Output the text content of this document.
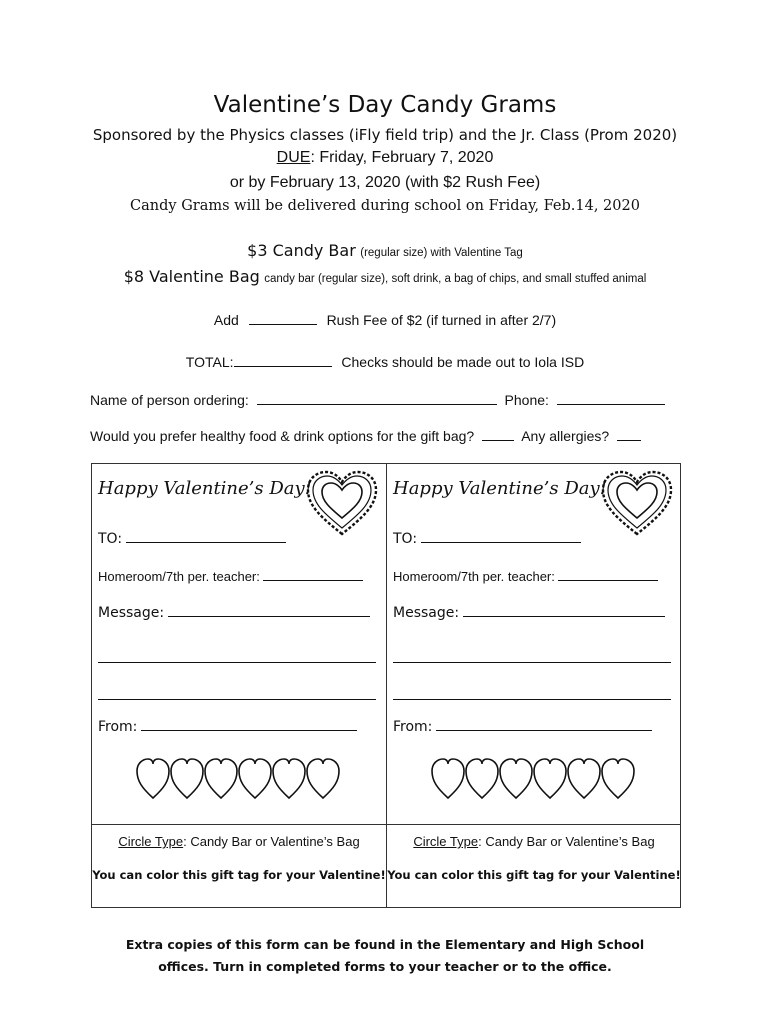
Valentine’s Day Candy Grams
Sponsored by the Physics classes (iFly field trip) and the Jr. Class (Prom 2020)
DUE: Friday, February 7, 2020
or by February 13, 2020 (with $2 Rush Fee)
Candy Grams will be delivered during school on Friday, Feb.14, 2020
$3 Candy Bar (regular size) with Valentine Tag
$8 Valentine Bag candy bar (regular size), soft drink, a bag of chips, and small stuffed animal
Add	Rush Fee of $2 (if turned in after 2/7)
TOTAL:	Checks should be made out to Iola ISD
Name of person ordering:	Phone:
Would you prefer healthy food & drink options for the gift bag?	Any allergies?
Happy Valentine’s Day!
TO:
Homeroom/7th per. teacher:
Message:
From:
Circle Type: Candy Bar or Valentine’s Bag
You can color this gift tag for your Valentine!
Happy Valentine’s Day!
TO:
Homeroom/7th per. teacher:
Message:
From:
Circle Type: Candy Bar or Valentine’s Bag
You can color this gift tag for your Valentine!
Extra copies of this form can be found in the Elementary and High School offices. Turn in completed forms to your teacher or to the office.
